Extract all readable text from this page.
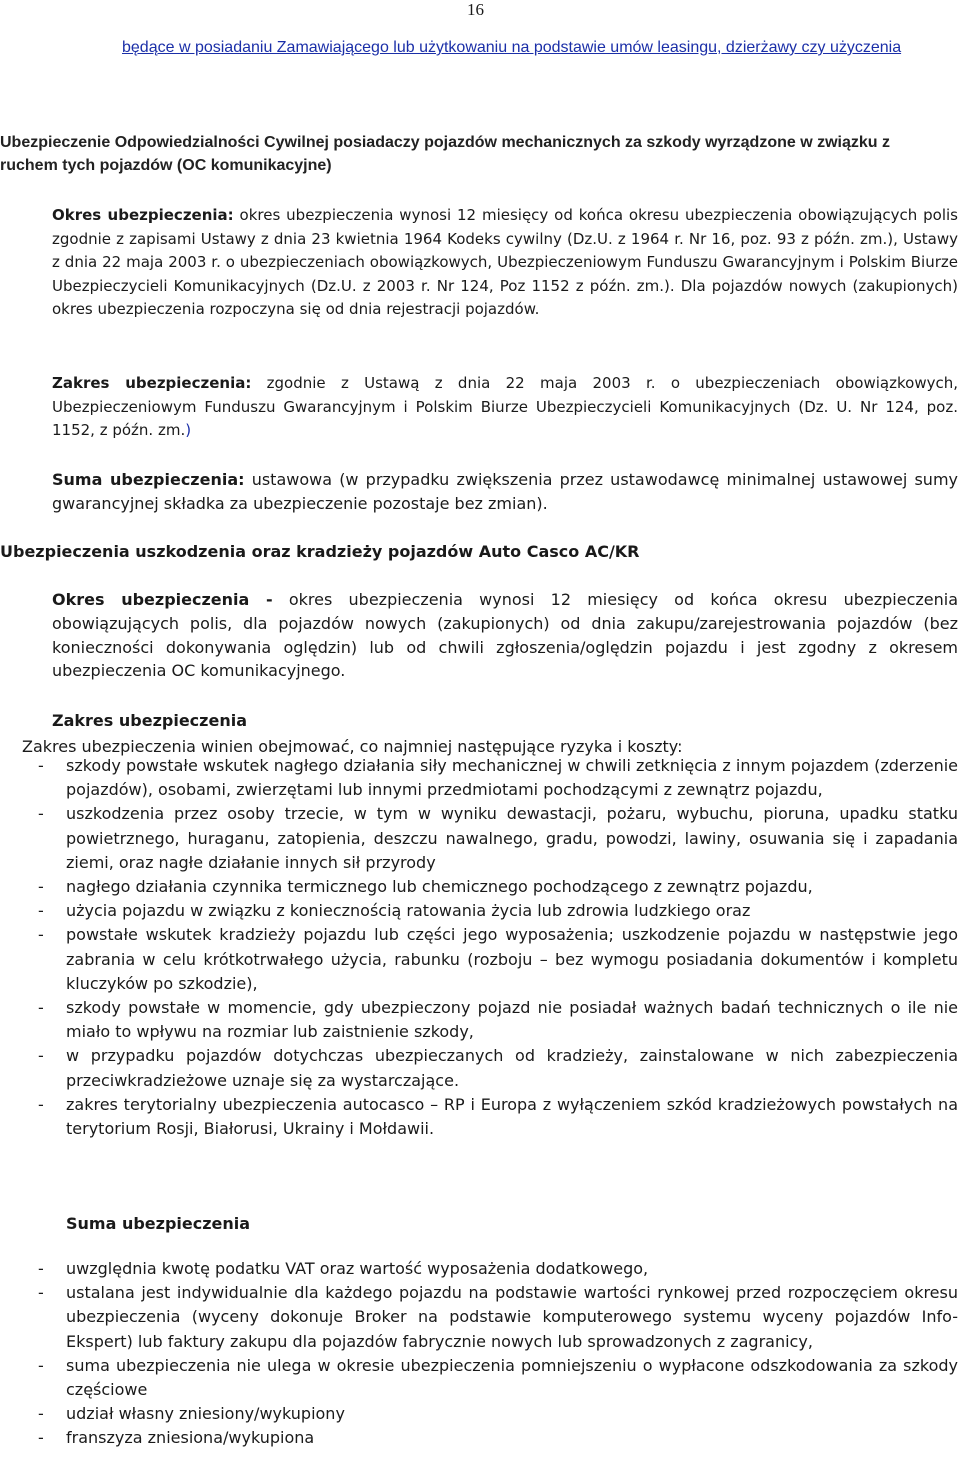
16
będące w posiadaniu Zamawiającego lub użytkowaniu na podstawie umów leasingu, dzierżawy czy użyczenia
Ubezpieczenie Odpowiedzialności Cywilnej posiadaczy pojazdów mechanicznych za szkody wyrządzone w związku z ruchem tych pojazdów (OC komunikacyjne)
Okres ubezpieczenia: okres ubezpieczenia wynosi 12 miesięcy od końca okresu ubezpieczenia obowiązujących polis zgodnie z zapisami Ustawy z dnia 23 kwietnia 1964 Kodeks cywilny (Dz.U. z 1964 r. Nr 16, poz. 93 z późn. zm.), Ustawy z dnia 22 maja 2003 r. o ubezpieczeniach obowiązkowych, Ubezpieczeniowym Funduszu Gwarancyjnym i Polskim Biurze Ubezpieczycieli Komunikacyjnych (Dz.U. z 2003 r. Nr 124, Poz 1152 z późn. zm.). Dla pojazdów nowych (zakupionych) okres ubezpieczenia rozpoczyna się od dnia rejestracji pojazdów.
Zakres ubezpieczenia: zgodnie z Ustawą z dnia 22 maja 2003 r. o ubezpieczeniach obowiązkowych, Ubezpieczeniowym Funduszu Gwarancyjnym i Polskim Biurze Ubezpieczycieli Komunikacyjnych (Dz. U. Nr 124, poz. 1152, z późn. zm.)
Suma ubezpieczenia: ustawowa (w przypadku zwiększenia przez ustawodawcę minimalnej ustawowej sumy gwarancyjnej składka za ubezpieczenie pozostaje bez zmian).
Ubezpieczenia uszkodzenia oraz kradzieży pojazdów Auto Casco AC/KR
Okres ubezpieczenia - okres ubezpieczenia wynosi 12 miesięcy od końca okresu ubezpieczenia obowiązujących polis, dla pojazdów nowych (zakupionych) od dnia zakupu/zarejestrowania pojazdów (bez konieczności dokonywania oględzin) lub od chwili zgłoszenia/oględzin pojazdu i jest zgodny z okresem ubezpieczenia OC komunikacyjnego.
Zakres ubezpieczenia
Zakres ubezpieczenia winien obejmować, co najmniej następujące ryzyka i koszty:
- szkody powstałe wskutek nagłego działania siły mechanicznej w chwili zetknięcia z innym pojazdem (zderzenie pojazdów), osobami, zwierzętami lub innymi przedmiotami pochodzącymi z zewnątrz pojazdu,
- uszkodzenia przez osoby trzecie, w tym w wyniku dewastacji, pożaru, wybuchu, pioruna, upadku statku powietrznego, huraganu, zatopienia, deszczu nawalnego, gradu, powodzi, lawiny, osuwania się i zapadania ziemi, oraz nagłe działanie innych sił przyrody
- nagłego działania czynnika termicznego lub chemicznego pochodzącego z zewnątrz pojazdu,
- użycia pojazdu w związku z koniecznością ratowania życia lub zdrowia ludzkiego oraz
- powstałe wskutek kradzieży pojazdu lub części jego wyposażenia; uszkodzenie pojazdu w następstwie jego zabrania w celu krótkotrwałego użycia, rabunku (rozboju – bez wymogu posiadania dokumentów i kompletu kluczyków po szkodzie),
- szkody powstałe w momencie, gdy ubezpieczony pojazd nie posiadał ważnych badań technicznych o ile nie miało to wpływu na rozmiar lub zaistnienie szkody,
- w przypadku pojazdów dotychczas ubezpieczanych od kradzieży, zainstalowane w nich zabezpieczenia przeciwkradzieżowe uznaje się za wystarczające.
- zakres terytorialny ubezpieczenia autocasco – RP i Europa z wyłączeniem szkód kradzieżowych powstałych na terytorium Rosji, Białorusi, Ukrainy i Mołdawii.
Suma ubezpieczenia
- uwzględnia kwotę podatku VAT oraz wartość wyposażenia dodatkowego,
- ustalana jest indywidualnie dla każdego pojazdu na podstawie wartości rynkowej przed rozpoczęciem okresu ubezpieczenia (wyceny dokonuje Broker na podstawie komputerowego systemu wyceny pojazdów Info-Ekspert) lub faktury zakupu dla pojazdów fabrycznie nowych lub sprowadzonych z zagranicy,
- suma ubezpieczenia nie ulega w okresie ubezpieczenia pomniejszeniu o wypłacone odszkodowania za szkody częściowe
- udział własny zniesiony/wykupiony
- franszyza zniesiona/wykupiona
